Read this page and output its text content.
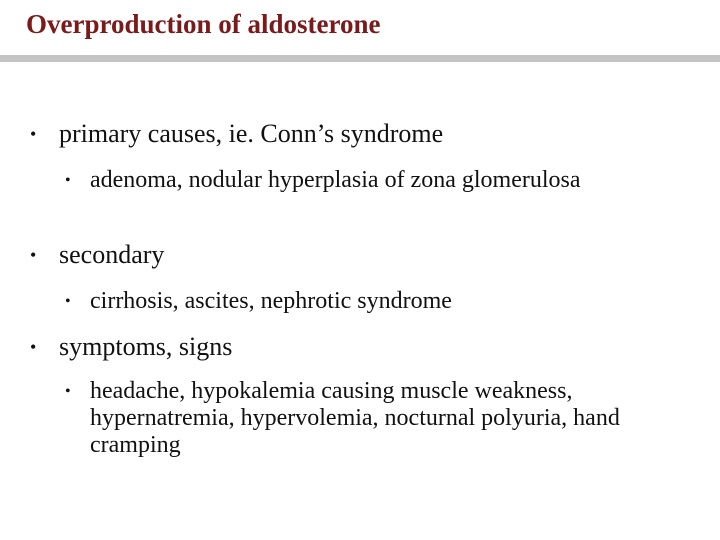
Overproduction of aldosterone
• primary causes, ie. Conn’s syndrome
• adenoma, nodular hyperplasia of zona glomerulosa
• secondary
• cirrhosis, ascites, nephrotic syndrome
• symptoms, signs
• headache, hypokalemia causing muscle weakness, hypernatremia, hypervolemia, nocturnal polyuria, hand cramping
